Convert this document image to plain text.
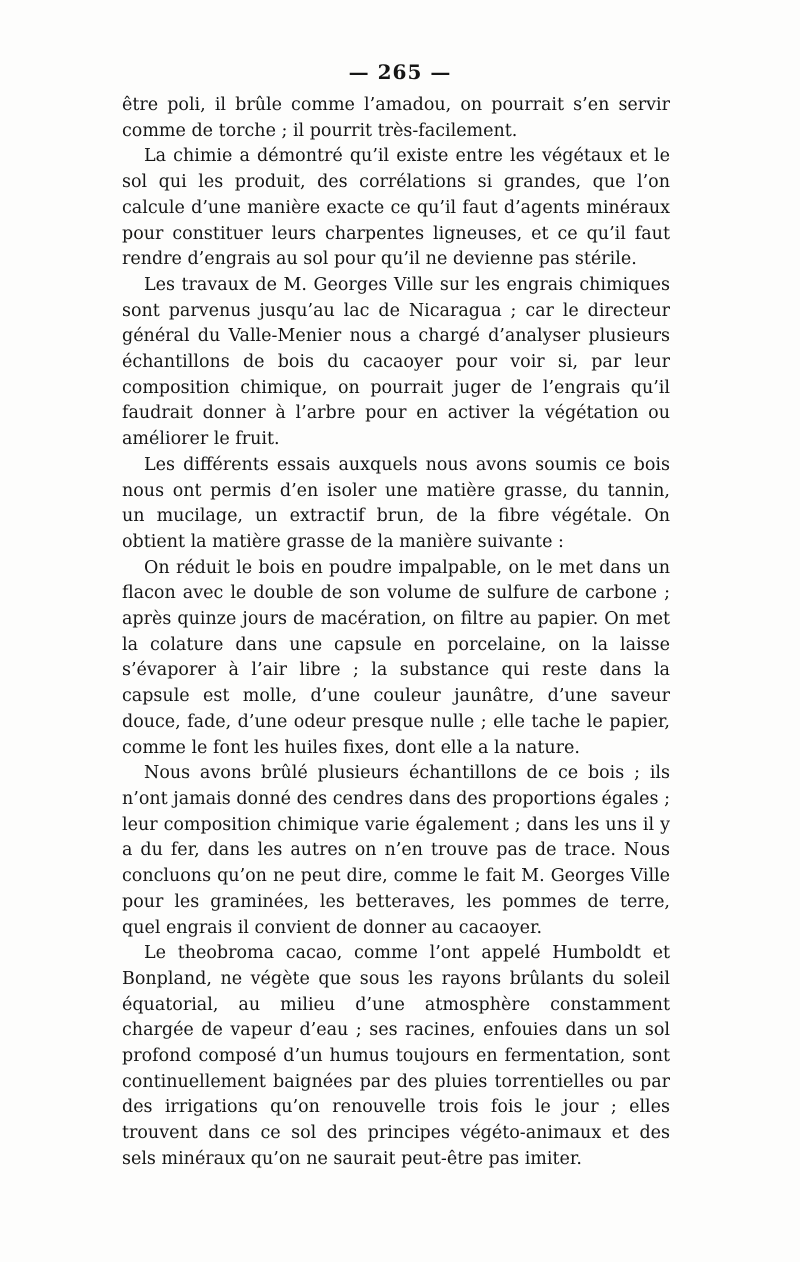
— 265 —

être poli, il brûle comme l’amadou, on pourrait s’en servir comme de torche ; il pourrit très-facilement.

La chimie a démontré qu’il existe entre les végétaux et le sol qui les produit, des corrélations si grandes, que l’on calcule d’une manière exacte ce qu’il faut d’agents minéraux pour constituer leurs charpentes ligneuses, et ce qu’il faut rendre d’engrais au sol pour qu’il ne devienne pas stérile.

Les travaux de M. Georges Ville sur les engrais chimiques sont parvenus jusqu’au lac de Nicaragua ; car le directeur général du Valle-Menier nous a chargé d’analyser plusieurs échantillons de bois du cacaoyer pour voir si, par leur composition chimique, on pourrait juger de l’engrais qu’il faudrait donner à l’arbre pour en activer la végétation ou améliorer le fruit.

Les différents essais auxquels nous avons soumis ce bois nous ont permis d’en isoler une matière grasse, du tannin, un mucilage, un extractif brun, de la fibre végétale. On obtient la matière grasse de la manière suivante :

On réduit le bois en poudre impalpable, on le met dans un flacon avec le double de son volume de sulfure de carbone ; après quinze jours de macération, on filtre au papier. On met la colature dans une capsule en porcelaine, on la laisse s’évaporer à l’air libre ; la substance qui reste dans la capsule est molle, d’une couleur jaunâtre, d’une saveur douce, fade, d’une odeur presque nulle ; elle tache le papier, comme le font les huiles fixes, dont elle a la nature.

Nous avons brûlé plusieurs échantillons de ce bois ; ils n’ont jamais donné des cendres dans des proportions égales ; leur composition chimique varie également ; dans les uns il y a du fer, dans les autres on n’en trouve pas de trace. Nous concluons qu’on ne peut dire, comme le fait M. Georges Ville pour les graminées, les betteraves, les pommes de terre, quel engrais il convient de donner au cacaoyer.

Le theobroma cacao, comme l’ont appelé Humboldt et Bonpland, ne végète que sous les rayons brûlants du soleil équatorial, au milieu d’une atmosphère constamment chargée de vapeur d’eau ; ses racines, enfouies dans un sol profond composé d’un humus toujours en fermentation, sont continuellement baignées par des pluies torrentielles ou par des irrigations qu’on renouvelle trois fois le jour ; elles trouvent dans ce sol des principes végéto-animaux et des sels minéraux qu’on ne saurait peut-être pas imiter.
